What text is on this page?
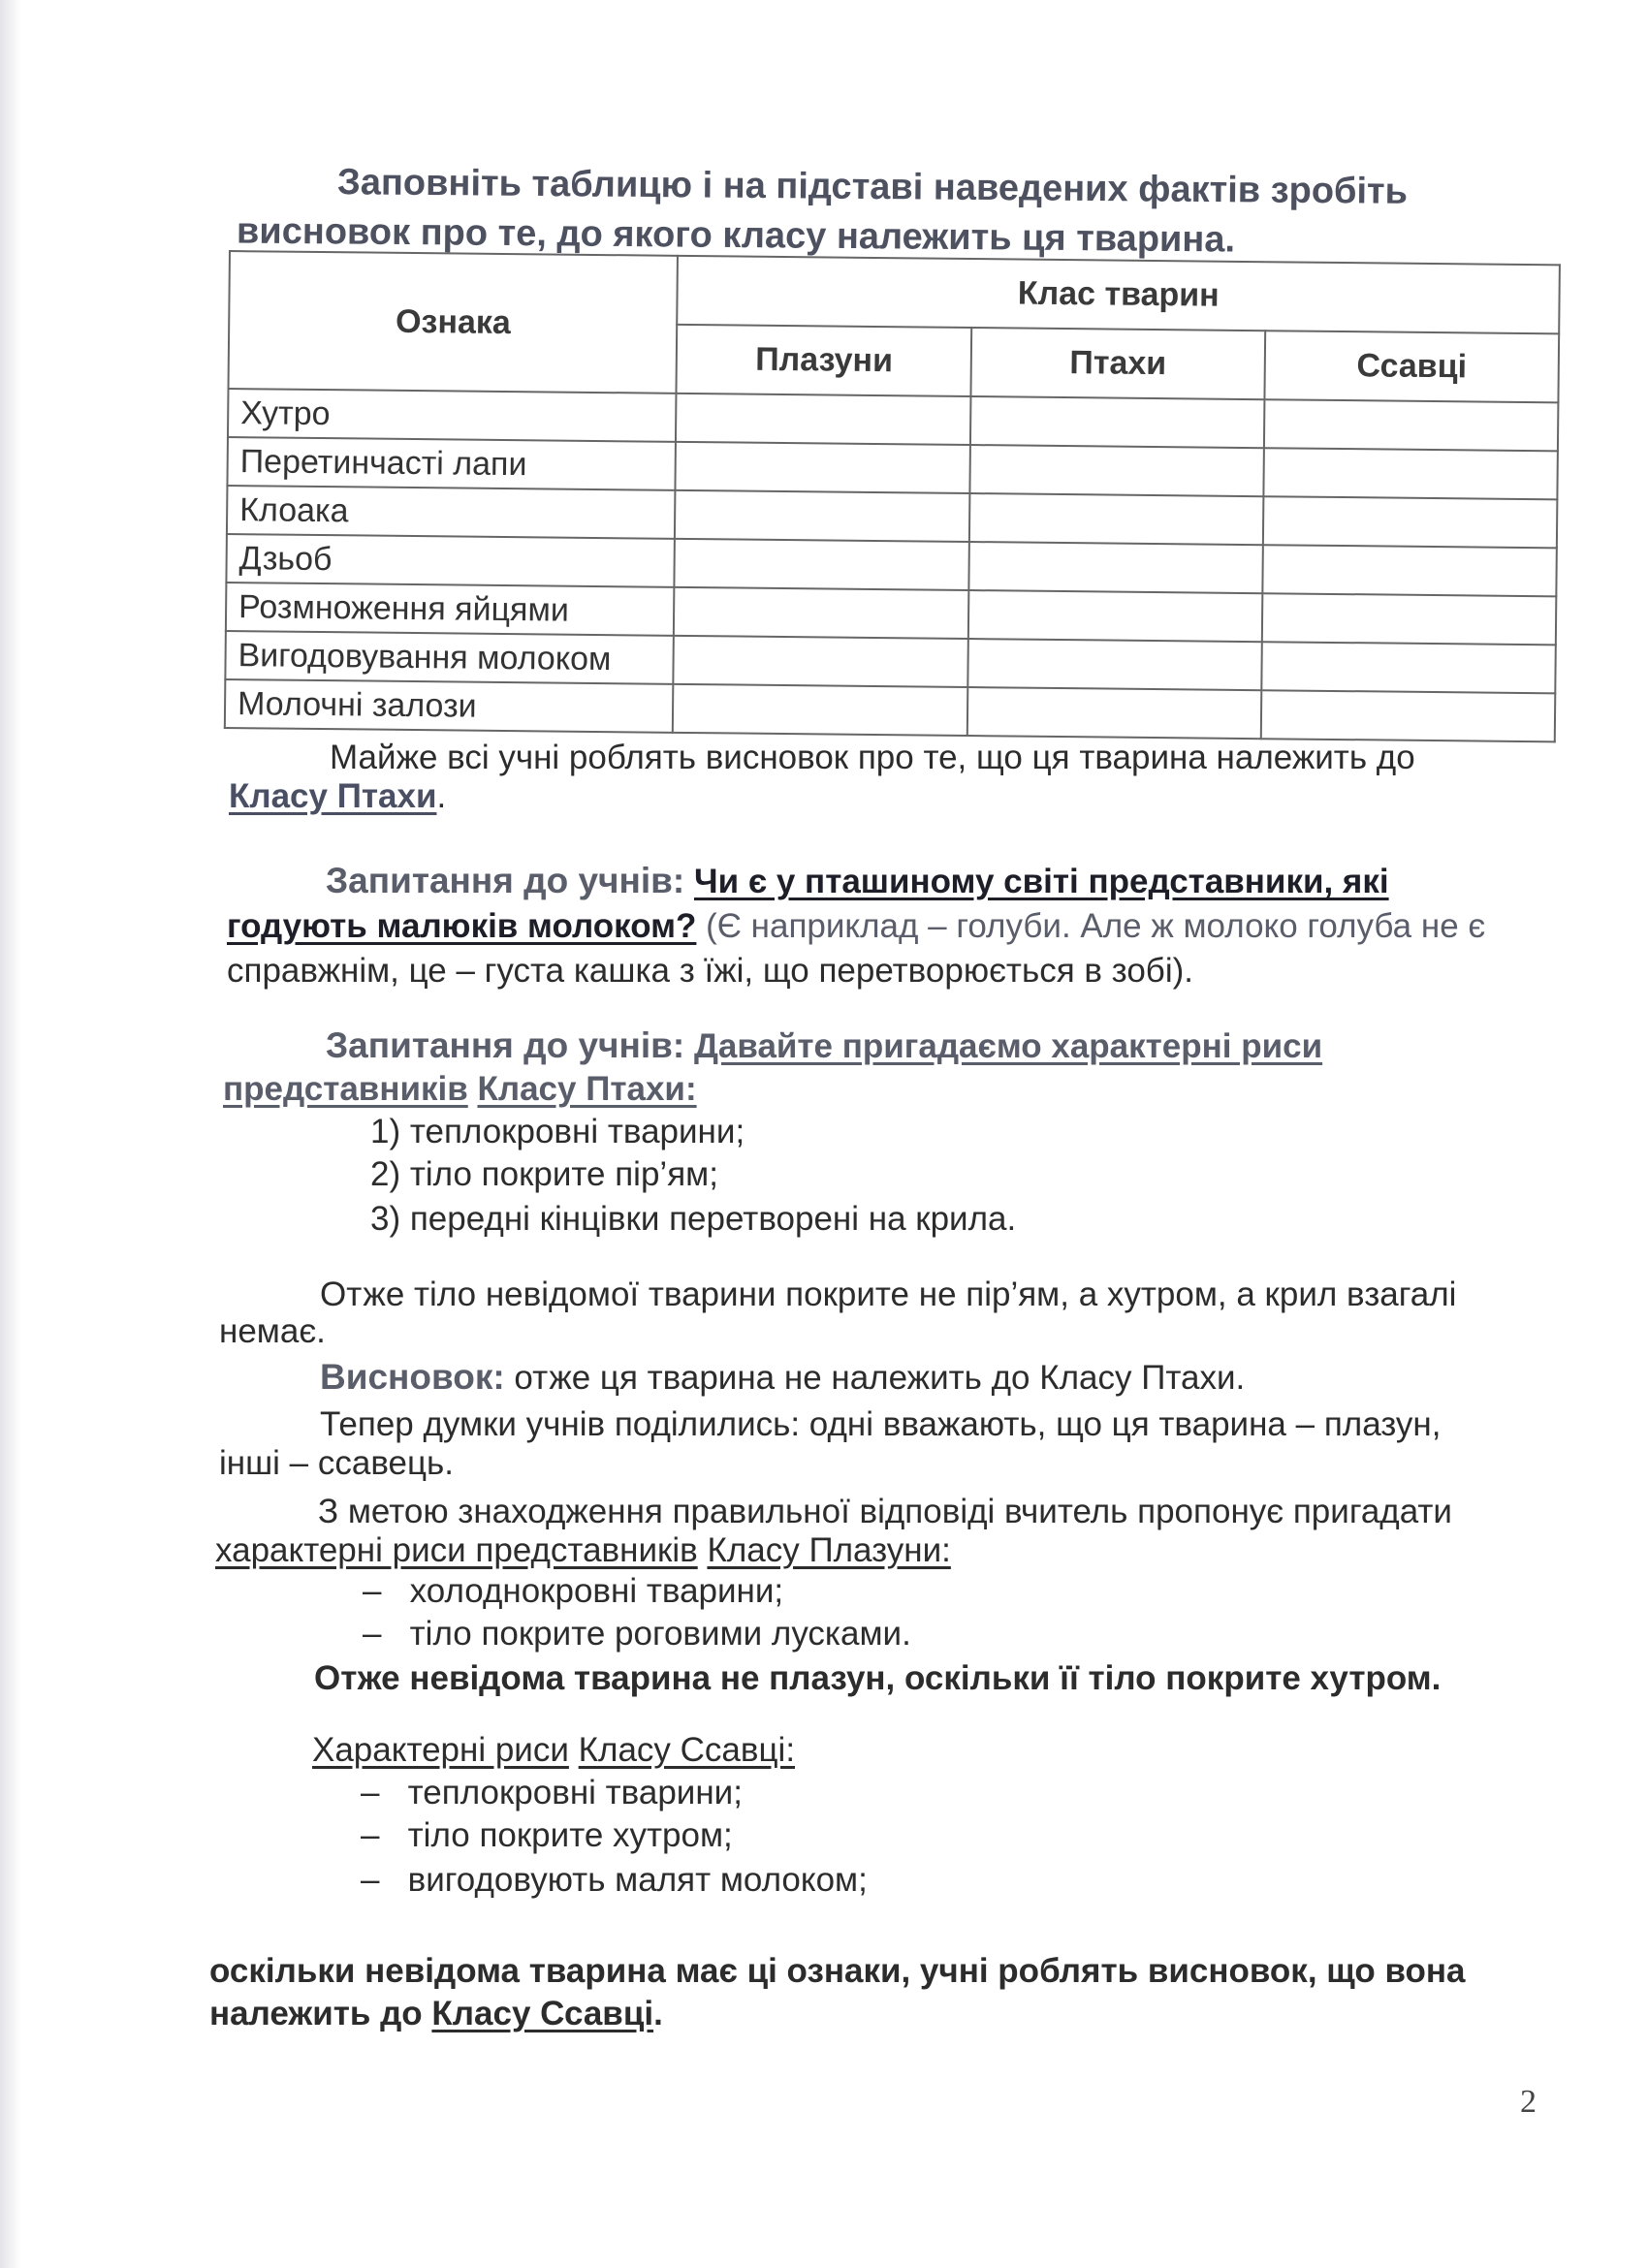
Заповніть таблицю і на підставі наведених фактів зробіть
висновок про те, до якого класу належить ця тварина.
Ознака	Клас тварин		
	Плазуни	Птахи	Ссавці
Хутро			
Перетинчасті лапи			
Клоака			
Дзьоб			
Розмноження яйцями			
Вигодовування молоком			
Молочні залози			
Майже всі учні роблять висновок про те, що ця тварина належить до
Класу Птахи.
Запитання до учнів: Чи є у пташиному світі представники, які
годують малюків молоком? (Є наприклад – голуби. Але ж молоко голуба не є
справжнім, це – густа кашка з їжі, що перетворюється в зобі).
Запитання до учнів: Давайте пригадаємо характерні риси
представників Класу Птахи:
1) теплокровні тварини;
2) тіло покрите пір’ям;
3) передні кінцівки перетворені на крила.
Отже тіло невідомої тварини покрите не пір’ям, а хутром, а крил взагалі
немає.
Висновок: отже ця тварина не належить до Класу Птахи.
Тепер думки учнів поділились: одні вважають, що ця тварина – плазун,
інші – ссавець.
З метою знаходження правильної відповіді вчитель пропонує пригадати
характерні риси представників Класу Плазуни:
–   холоднокровні тварини;
–   тіло покрите роговими лусками.
Отже невідома тварина не плазун, оскільки її тіло покрите хутром.
Характерні риси Класу Ссавці:
–   теплокровні тварини;
–   тіло покрите хутром;
–   вигодовують малят молоком;
оскільки невідома тварина має ці ознаки, учні роблять висновок, що вона
належить до Класу Ссавці.
2
